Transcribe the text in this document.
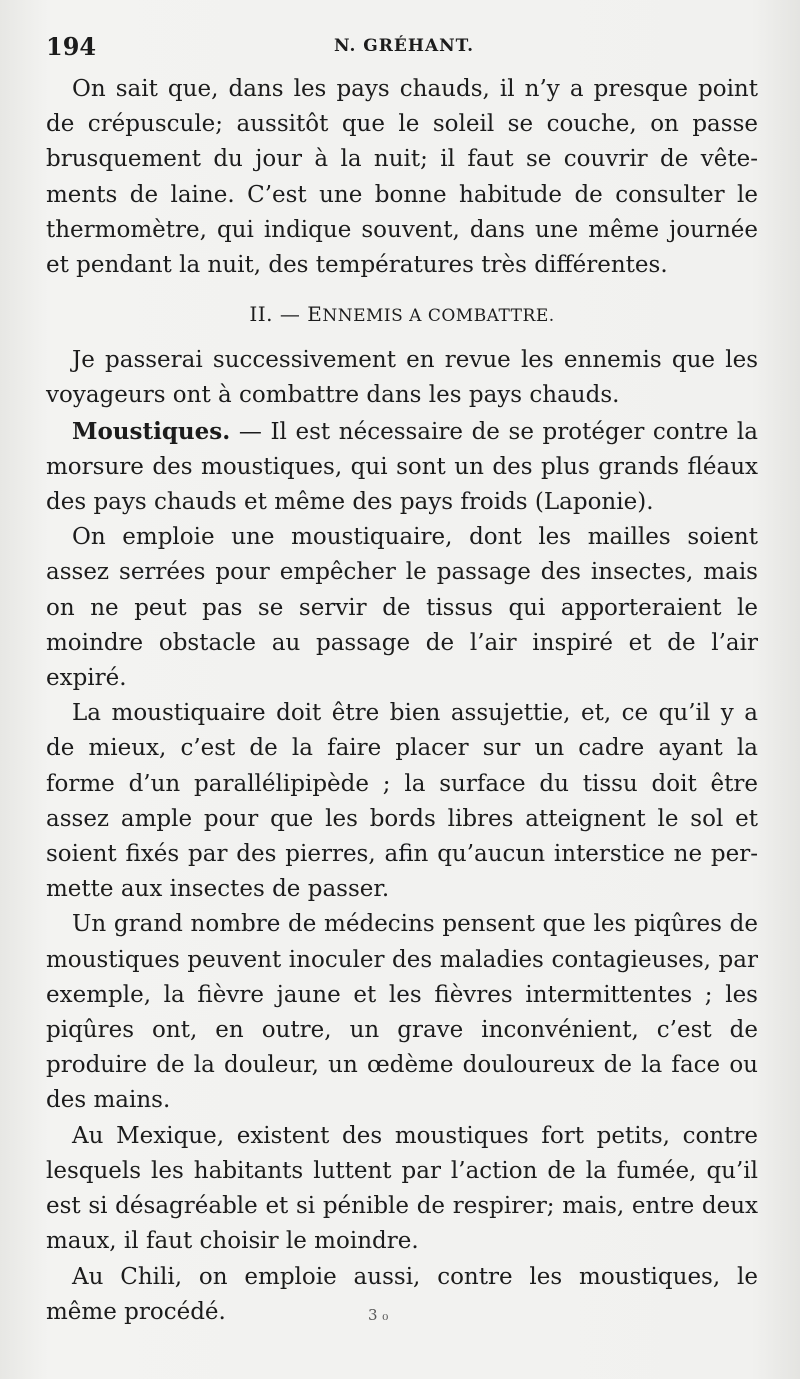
194	N. GRÉHANT.

On sait que, dans les pays chauds, il n’y a presque point de crépuscule; aussitôt que le soleil se couche, on passe brusquement du jour à la nuit; il faut se couvrir de vêtements de laine. C’est une bonne habitude de consulter le thermomètre, qui indique souvent, dans une même journée et pendant la nuit, des températures très différentes.

II. — ENNEMIS A COMBATTRE.

Je passerai successivement en revue les ennemis que les voyageurs ont à combattre dans les pays chauds.

Moustiques. — Il est nécessaire de se protéger contre la morsure des moustiques, qui sont un des plus grands fléaux des pays chauds et même des pays froids (Laponie).

On emploie une moustiquaire, dont les mailles soient assez serrées pour empêcher le passage des insectes, mais on ne peut pas se servir de tissus qui apporteraient le moindre obstacle au passage de l’air inspiré et de l’air expiré.

La moustiquaire doit être bien assujettie, et, ce qu’il y a de mieux, c’est de la faire placer sur un cadre ayant la forme d’un parallélipipède ; la surface du tissu doit être assez ample pour que les bords libres atteignent le sol et soient fixés par des pierres, afin qu’aucun interstice ne permette aux insectes de passer.

Un grand nombre de médecins pensent que les piqûres de moustiques peuvent inoculer des maladies contagieuses, par exemple, la fièvre jaune et les fièvres intermittentes ; les piqûres ont, en outre, un grave inconvénient, c’est de produire de la douleur, un œdème douloureux de la face ou des mains.

Au Mexique, existent des moustiques fort petits, contre lesquels les habitants luttent par l’action de la fumée, qu’il est si désagréable et si pénible de respirer; mais, entre deux maux, il faut choisir le moindre.

Au Chili, on emploie aussi, contre les moustiques, le même procédé.	3 ₀
